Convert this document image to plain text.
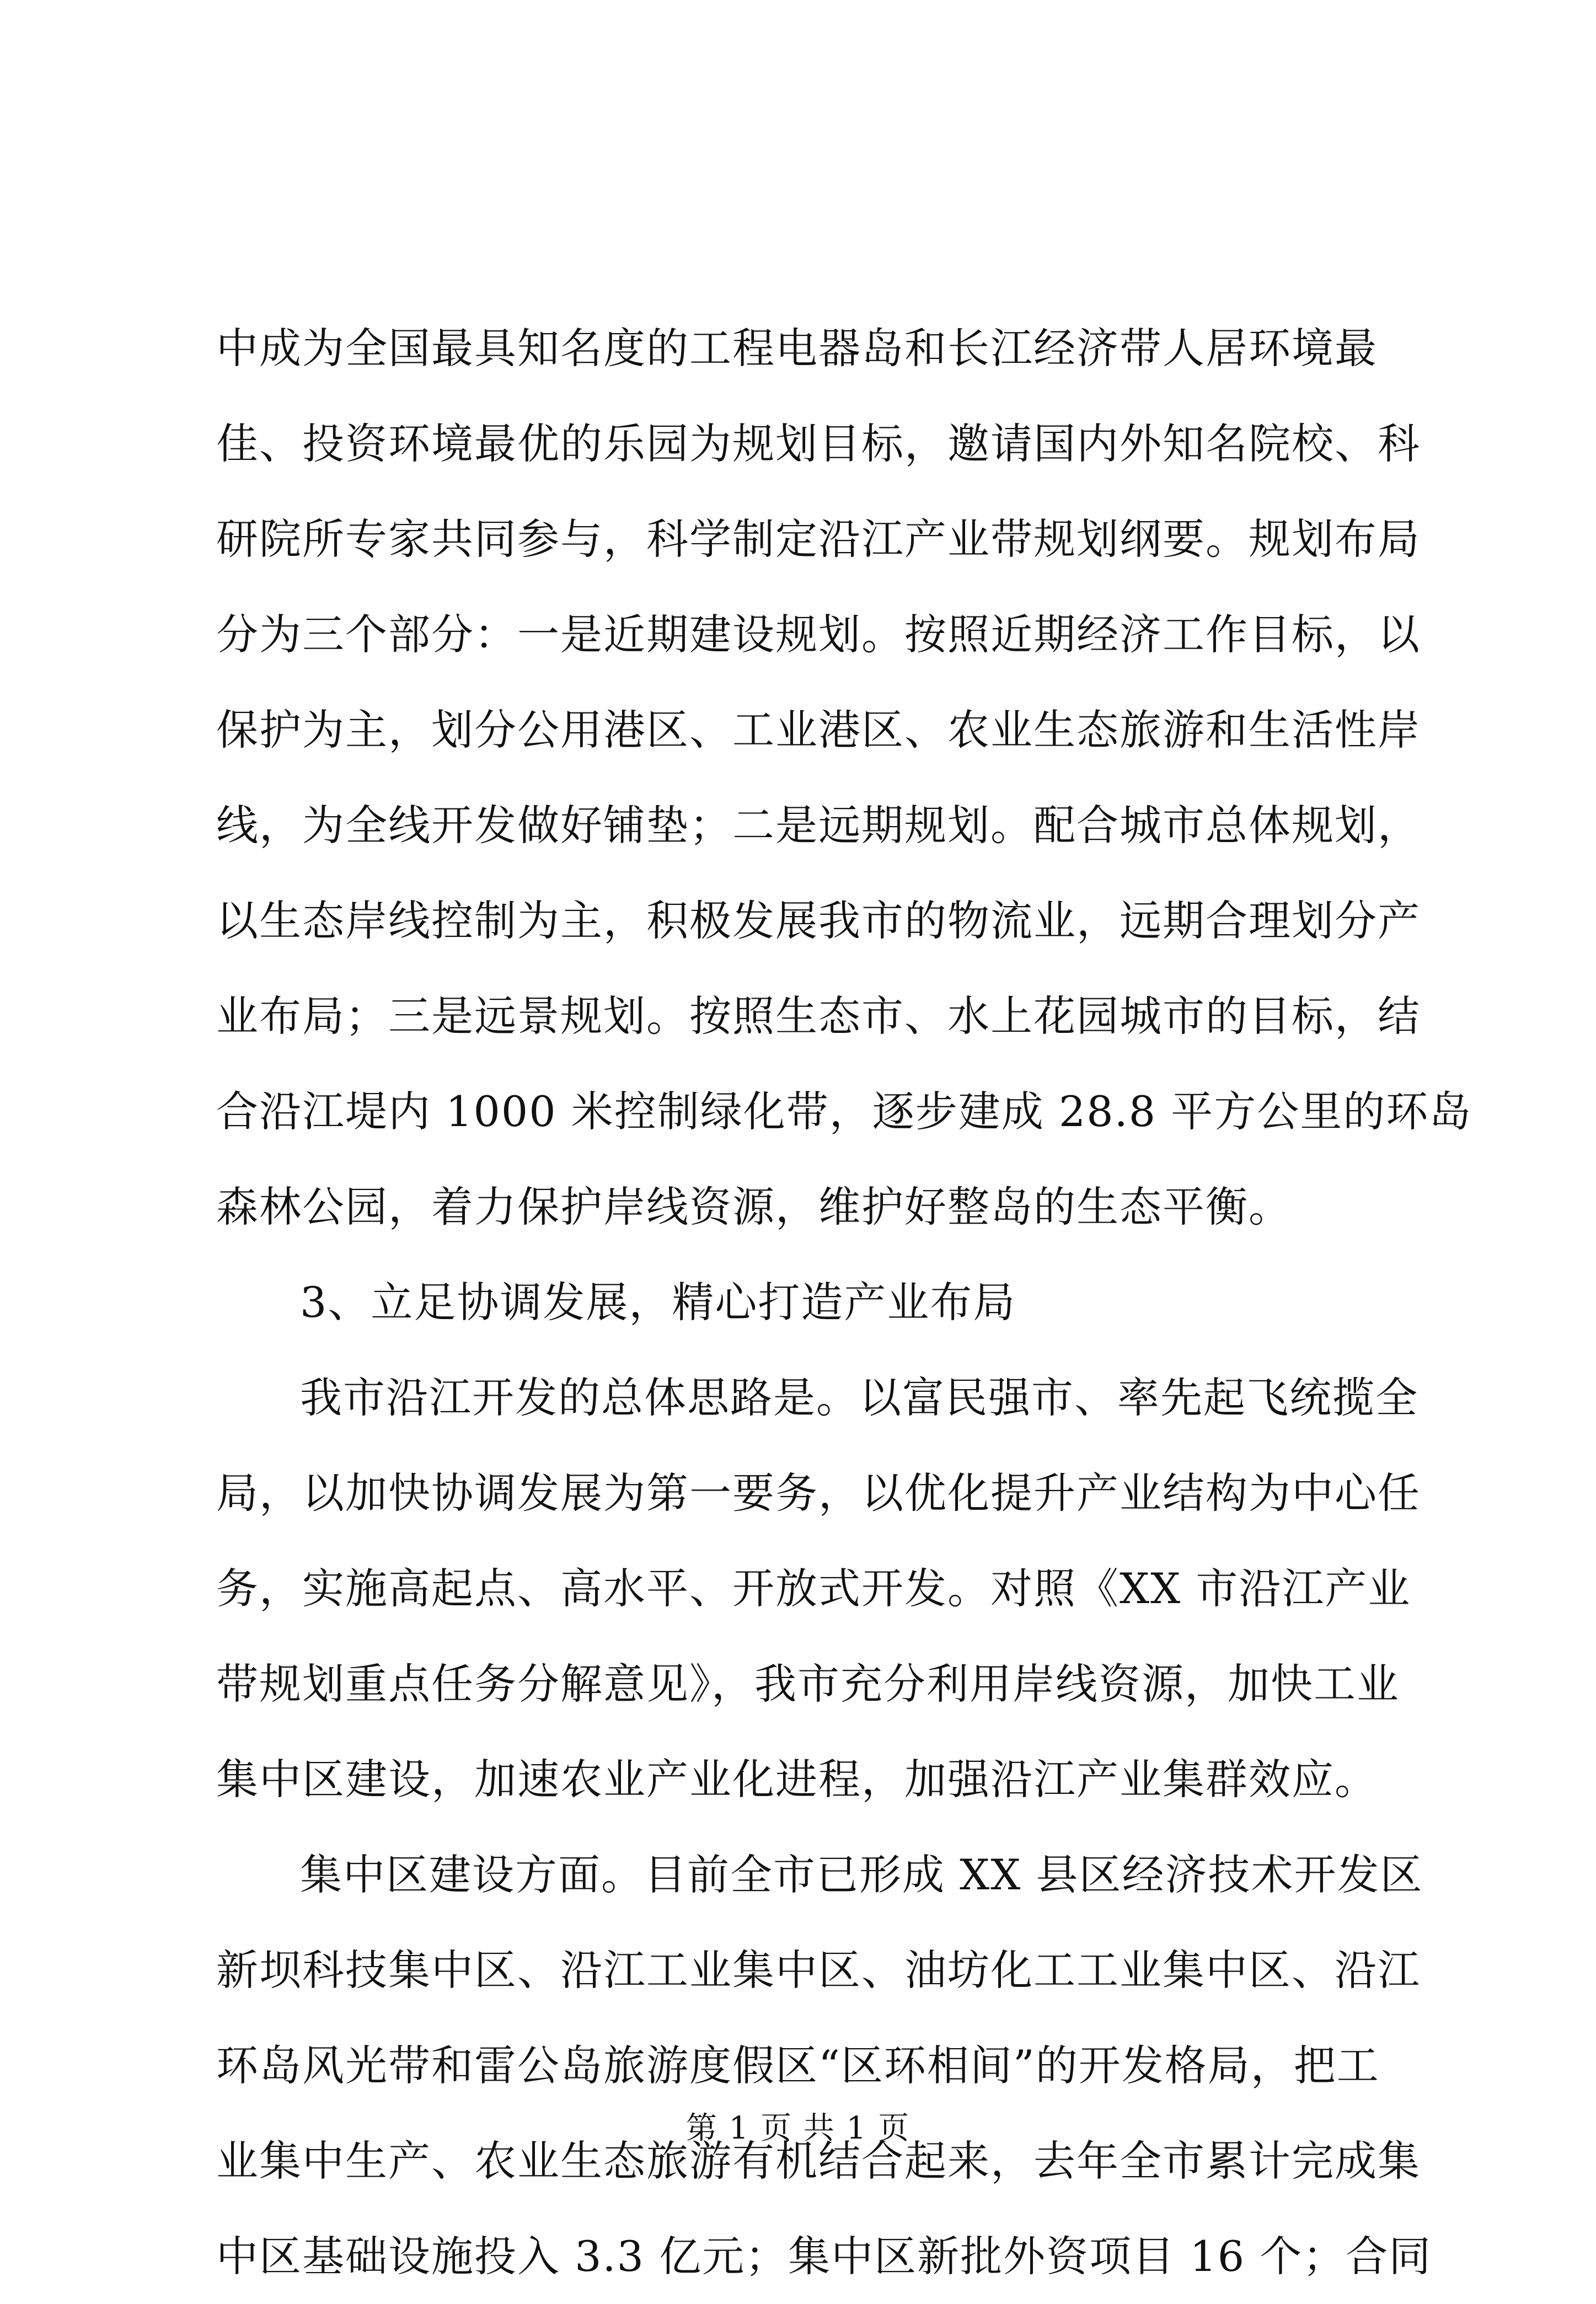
中成为全国最具知名度的工程电器岛和长江经济带人居环境最
佳、投资环境最优的乐园为规划目标，邀请国内外知名院校、科
研院所专家共同参与，科学制定沿江产业带规划纲要。规划布局
分为三个部分：一是近期建设规划。按照近期经济工作目标，以
保护为主，划分公用港区、工业港区、农业生态旅游和生活性岸
线，为全线开发做好铺垫；二是远期规划。配合城市总体规划，
以生态岸线控制为主，积极发展我市的物流业，远期合理划分产
业布局；三是远景规划。按照生态市、水上花园城市的目标，结
合沿江堤内 1000 米控制绿化带，逐步建成 28.8 平方公里的环岛
森林公园，着力保护岸线资源，维护好整岛的生态平衡。
3、立足协调发展，精心打造产业布局
我市沿江开发的总体思路是。以富民强市、率先起飞统揽全
局，以加快协调发展为第一要务，以优化提升产业结构为中心任
务，实施高起点、高水平、开放式开发。对照《XX 市沿江产业
带规划重点任务分解意见》，我市充分利用岸线资源，加快工业
集中区建设，加速农业产业化进程，加强沿江产业集群效应。
集中区建设方面。目前全市已形成 XX 县区经济技术开发区
新坝科技集中区、沿江工业集中区、油坊化工工业集中区、沿江
环岛风光带和雷公岛旅游度假区“区环相间”的开发格局，把工
业集中生产、农业生态旅游有机结合起来，去年全市累计完成集
中区基础设施投入 3.3 亿元；集中区新批外资项目 16 个；合同
第 1 页 共 1 页
